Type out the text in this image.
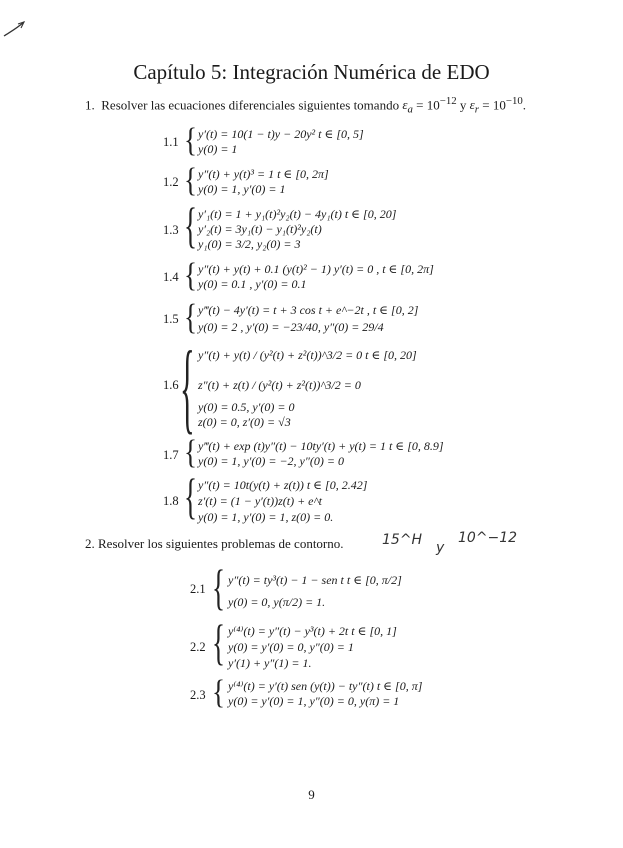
Capítulo 5: Integración Numérica de EDO
1.  Resolver las ecuaciones diferenciales siguientes tomando $\varepsilon_a = 10^{-12}$ y $\varepsilon_r = 10^{-10}$.
1.1 { y′(t) = 10(1 − t)y − 20y² t ∈ [0, 5]
y(0) = 1
1.2 { y″(t) + y(t)³ = 1 t ∈ [0, 2π]
y(0) = 1, y′(0) = 1
1.3 { y′₁(t) = 1 + y₁(t)²y₂(t) − 4y₁(t) t ∈ [0, 20]
y′₂(t) = 3y₁(t) − y₁(t)²y₂(t)
y₁(0) = 3/2, y₂(0) = 3
1.4 { y″(t) + y(t) + 0.1 (y(t)² − 1) y′(t) = 0 , t ∈ [0, 2π]
y(0) = 0.1 , y′(0) = 0.1
1.5 { y‴(t) − 4y′(t) = t + 3 cos t + e^−2t , t ∈ [0, 2]
y(0) = 2 , y′(0) = −23/40, y″(0) = 29/4
1.6 { y″(t) + y(t) / (y²(t) + z²(t))^3/2 = 0 t ∈ [0, 20]
z″(t) + z(t) / (y²(t) + z²(t))^3/2 = 0
y(0) = 0.5, y′(0) = 0
z(0) = 0, z′(0) = √3
1.7 { y‴(t) + exp (t)y″(t) − 10ty′(t) + y(t) = 1 t ∈ [0, 8.9]
y(0) = 1, y′(0) = −2, y″(0) = 0
1.8 { y″(t) = 10t(y(t) + z(t)) t ∈ [0, 2.42]
z′(t) = (1 − y′(t))z(t) + e^t
y(0) = 1, y′(0) = 1, z(0) = 0.
2. Resolver los siguientes problemas de contorno.	15^H y
10^−12
2.1 { y″(t) = ty³(t) − 1 − sen t t ∈ [0, π/2]
y(0) = 0, y(π/2) = 1.
2.2 { y⁽⁴⁾(t) = y″(t) − y³(t) + 2t t ∈ [0, 1]
y(0) = y′(0) = 0, y″(0) = 1
y′(1) + y″(1) = 1.
2.3 { y⁽⁴⁾(t) = y′(t) sen (y(t)) − ty″(t) t ∈ [0, π]
y(0) = y′(0) = 1, y″(0) = 0, y(π) = 1
9
